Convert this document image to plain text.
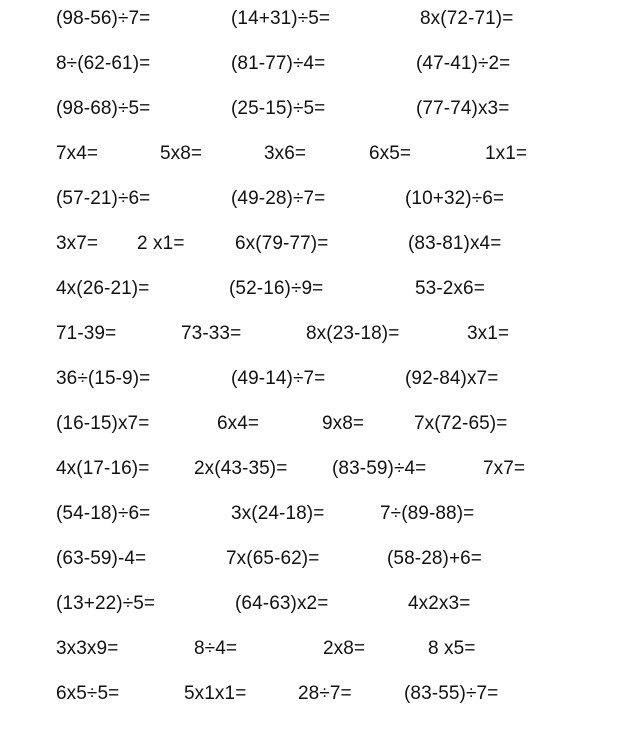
(98-56)÷7=	(14+31)÷5=	8x(72-71)=
8÷(62-61)=	(81-77)÷4=	(47-41)÷2=
(98-68)÷5=	(25-15)÷5=	(77-74)x3=
7x4=	5x8=	3x6=	6x5=	1x1=
(57-21)÷6=	(49-28)÷7=	(10+32)÷6=
3x7= 2 x1=	6x(79-77)=	(83-81)x4=
4x(26-21)=	(52-16)÷9=	53-2x6=
71-39=	73-33=	8x(23-18)=	3x1=
36÷(15-9)=	(49-14)÷7=	(92-84)x7=
(16-15)x7=	6x4=	9x8=	7x(72-65)=
4x(17-16)= 2x(43-35)= (83-59)÷4=	7x7=
(54-18)÷6=	3x(24-18)=	7÷(89-88)=
(63-59)-4=	7x(65-62)=	(58-28)+6=
(13+22)÷5=	(64-63)x2=	4x2x3=
3x3x9=	8÷4=	2x8=	8 x5=
6x5÷5=	5x1x1=	28÷7=	(83-55)÷7=
